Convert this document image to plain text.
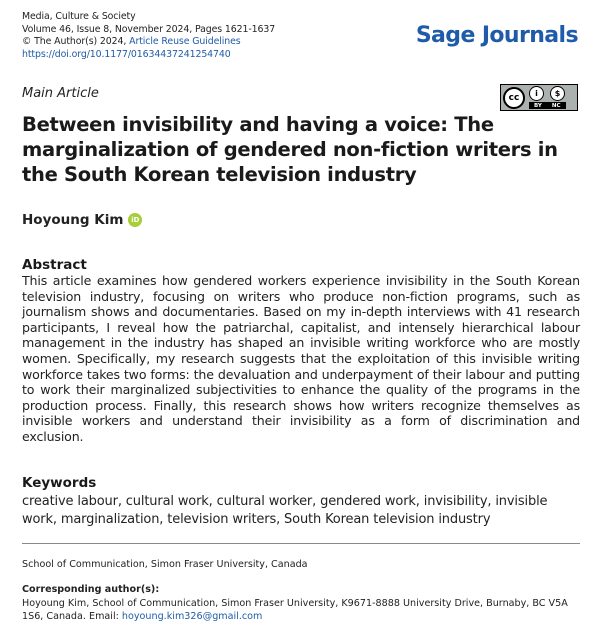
Media, Culture & Society
Volume 46, Issue 8, November 2024, Pages 1621-1637
© The Author(s) 2024, Article Reuse Guidelines
https://doi.org/10.1177/01634437241254740
Sage Journals
Main Article	cc	i	$
BY NC
Between invisibility and having a voice: The marginalization of gendered non-fiction writers in the South Korean television industry
Hoyoung Kim	iD
Abstract

This article examines how gendered workers experience invisibility in the South Korean television industry, focusing on writers who produce non-fiction programs, such as journalism shows and documentaries. Based on my in-depth interviews with 41 research participants, I reveal how the patriarchal, capitalist, and intensely hierarchical labour management in the industry has shaped an invisible writing workforce who are mostly women. Specifically, my research suggests that the exploitation of this invisible writing workforce takes two forms: the devaluation and underpayment of their labour and putting to work their marginalized subjectivities to enhance the quality of the programs in the production process. Finally, this research shows how writers recognize themselves as invisible workers and understand their invisibility as a form of discrimination and exclusion.

Keywords

creative labour, cultural work, cultural worker, gendered work, invisibility, invisible work, marginalization, television writers, South Korean television industry

School of Communication, Simon Fraser University, Canada
Corresponding author(s):
Hoyoung Kim, School of Communication, Simon Fraser University, K9671-8888 University Drive, Burnaby, BC V5A 1S6, Canada. Email: hoyoung.kim326@gmail.com
